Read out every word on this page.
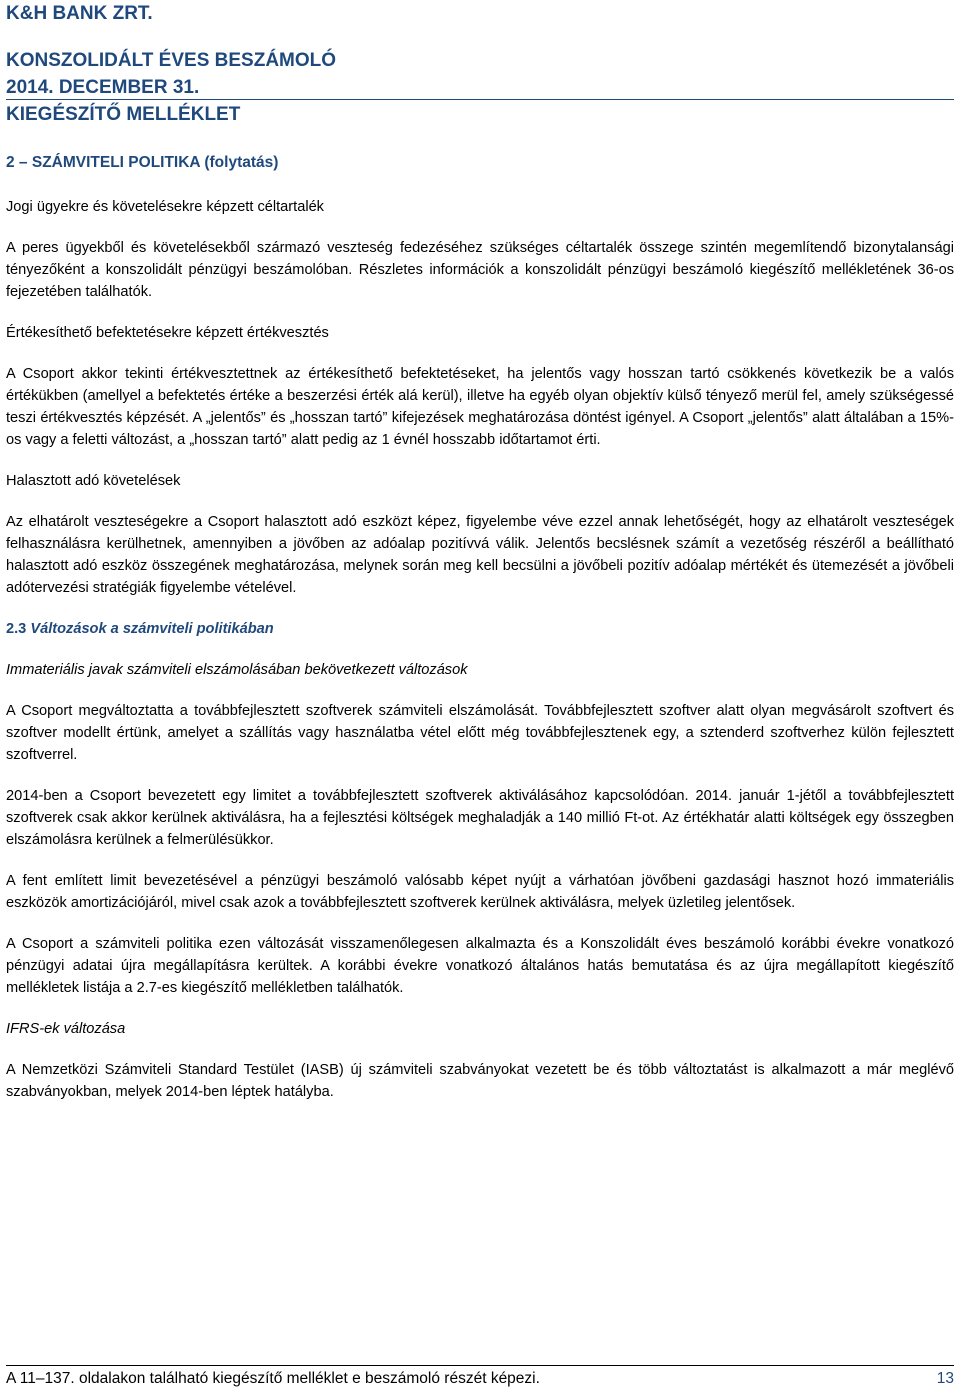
K&H BANK ZRT.

KONSZOLIDÁLT ÉVES BESZÁMOLÓ

2014. DECEMBER 31.

KIEGÉSZÍTŐ MELLÉKLET

2 – SZÁMVITELI POLITIKA (folytatás)

Jogi ügyekre és követelésekre képzett céltartalék

A peres ügyekből és követelésekből származó veszteség fedezéséhez szükséges céltartalék összege szintén megemlítendő bizonytalansági tényezőként a konszolidált pénzügyi beszámolóban. Részletes információk a konszolidált pénzügyi beszámoló kiegészítő mellékletének 36-os fejezetében találhatók.

Értékesíthető befektetésekre képzett értékvesztés

A Csoport akkor tekinti értékvesztettnek az értékesíthető befektetéseket, ha jelentős vagy hosszan tartó csökkenés következik be a valós értékükben (amellyel a befektetés értéke a beszerzési érték alá kerül), illetve ha egyéb olyan objektív külső tényező merül fel, amely szükségessé teszi értékvesztés képzését. A „jelentős” és „hosszan tartó” kifejezések meghatározása döntést igényel. A Csoport „jelentős” alatt általában a 15%-os vagy a feletti változást, a „hosszan tartó” alatt pedig az 1 évnél hosszabb időtartamot érti.

Halasztott adó követelések

Az elhatárolt veszteségekre a Csoport halasztott adó eszközt képez, figyelembe véve ezzel annak lehetőségét, hogy az elhatárolt veszteségek felhasználásra kerülhetnek, amennyiben a jövőben az adóalap pozitívvá válik. Jelentős becslésnek számít a vezetőség részéről a beállítható halasztott adó eszköz összegének meghatározása, melynek során meg kell becsülni a jövőbeli pozitív adóalap mértékét és ütemezését a jövőbeli adótervezési stratégiák figyelembe vételével.

2.3 Változások a számviteli politikában

Immateriális javak számviteli elszámolásában bekövetkezett változások

A Csoport megváltoztatta a továbbfejlesztett szoftverek számviteli elszámolását. Továbbfejlesztett szoftver alatt olyan megvásárolt szoftvert és szoftver modellt értünk, amelyet a szállítás vagy használatba vétel előtt még továbbfejlesztenek egy, a sztenderd szoftverhez külön fejlesztett szoftverrel.

2014-ben a Csoport bevezetett egy limitet a továbbfejlesztett szoftverek aktiválásához kapcsolódóan. 2014. január 1-jétől a továbbfejlesztett szoftverek csak akkor kerülnek aktiválásra, ha a fejlesztési költségek meghaladják a 140 millió Ft-ot. Az értékhatár alatti költségek egy összegben elszámolásra kerülnek a felmerülésükkor.

A fent említett limit bevezetésével a pénzügyi beszámoló valósabb képet nyújt a várhatóan jövőbeni gazdasági hasznot hozó immateriális eszközök amortizációjáról, mivel csak azok a továbbfejlesztett szoftverek kerülnek aktiválásra, melyek üzletileg jelentősek.

A Csoport a számviteli politika ezen változását visszamenőlegesen alkalmazta és a Konszolidált éves beszámoló korábbi évekre vonatkozó pénzügyi adatai újra megállapításra kerültek. A korábbi évekre vonatkozó általános hatás bemutatása és az újra megállapított kiegészítő mellékletek listája a 2.7-es kiegészítő mellékletben találhatók.

IFRS-ek változása

A Nemzetközi Számviteli Standard Testület (IASB) új számviteli szabványokat vezetett be és több változtatást is alkalmazott a már meglévő szabványokban, melyek 2014-ben léptek hatályba.

A 11–137. oldalakon található kiegészítő melléklet e beszámoló részét képezi.	13
